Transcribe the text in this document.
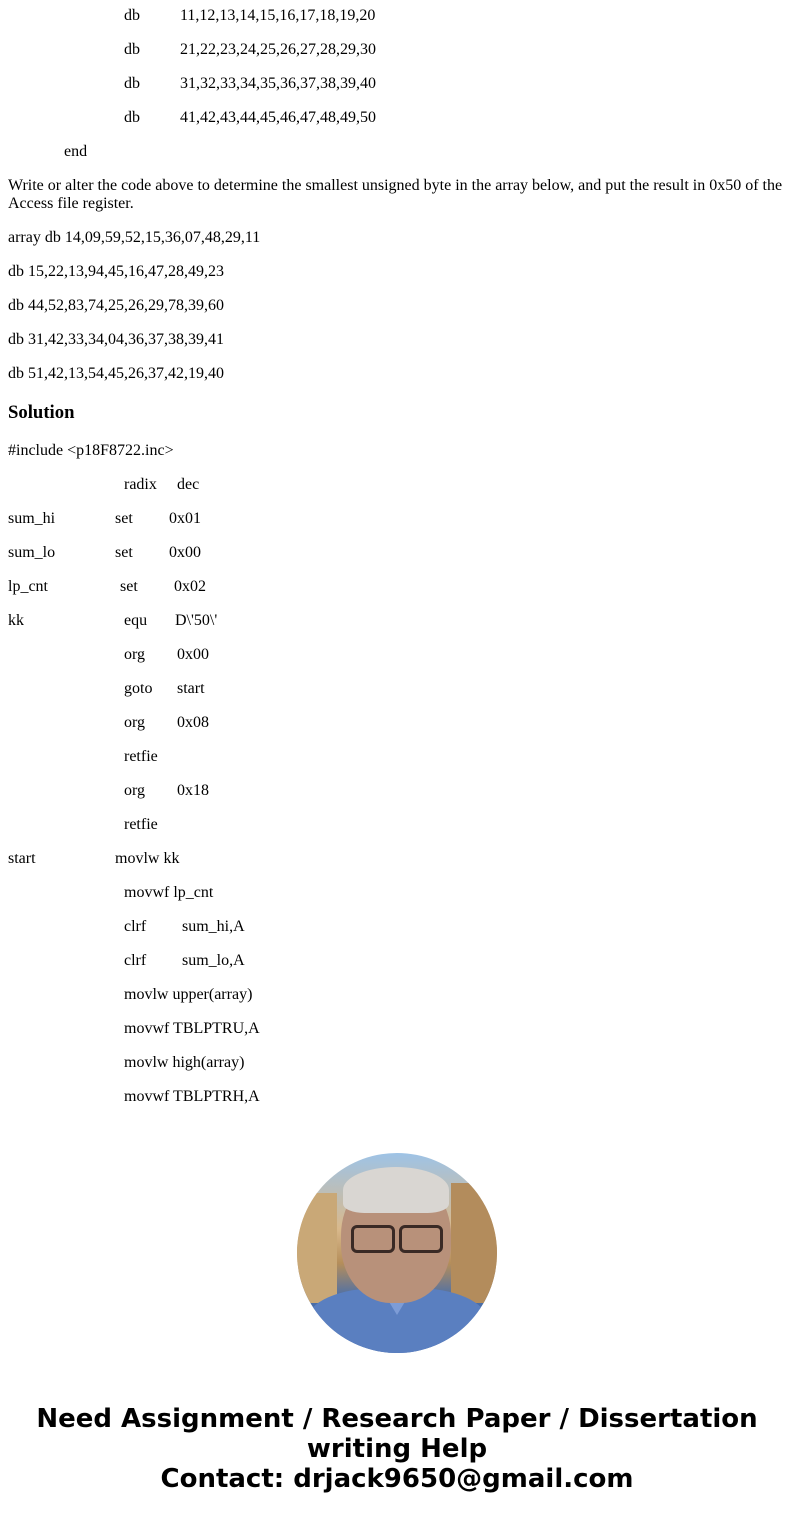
db	11,12,13,14,15,16,17,18,19,20
db	21,22,23,24,25,26,27,28,29,30
db	31,32,33,34,35,36,37,38,39,40
db	41,42,43,44,45,46,47,48,49,50
end
Write or alter the code above to determine the smallest unsigned byte in the array below, and put the result in 0x50 of the Access file register.
array db 14,09,59,52,15,36,07,48,29,11
db 15,22,13,94,45,16,47,28,49,23
db 44,52,83,74,25,26,29,78,39,60
db 31,42,33,34,04,36,37,38,39,41
db 51,42,13,54,45,26,37,42,19,40
Solution
#include <p18F8722.inc>
radix dec
sum_hi	set 0x01
sum_lo	set 0x00
lp_cnt	set 0x02
kk	equ D\'50\'
org 0x00
goto start
org 0x08
retfie
org 0x18
retfie
start	movlw kk
movwf lp_cnt
clrf sum_hi,A
clrf sum_lo,A
movlw upper(array)
movwf TBLPTRU,A
movlw high(array)
movwf TBLPTRH,A
Need Assignment / Research Paper / Dissertation
writing Help
Contact: drjack9650@gmail.com
